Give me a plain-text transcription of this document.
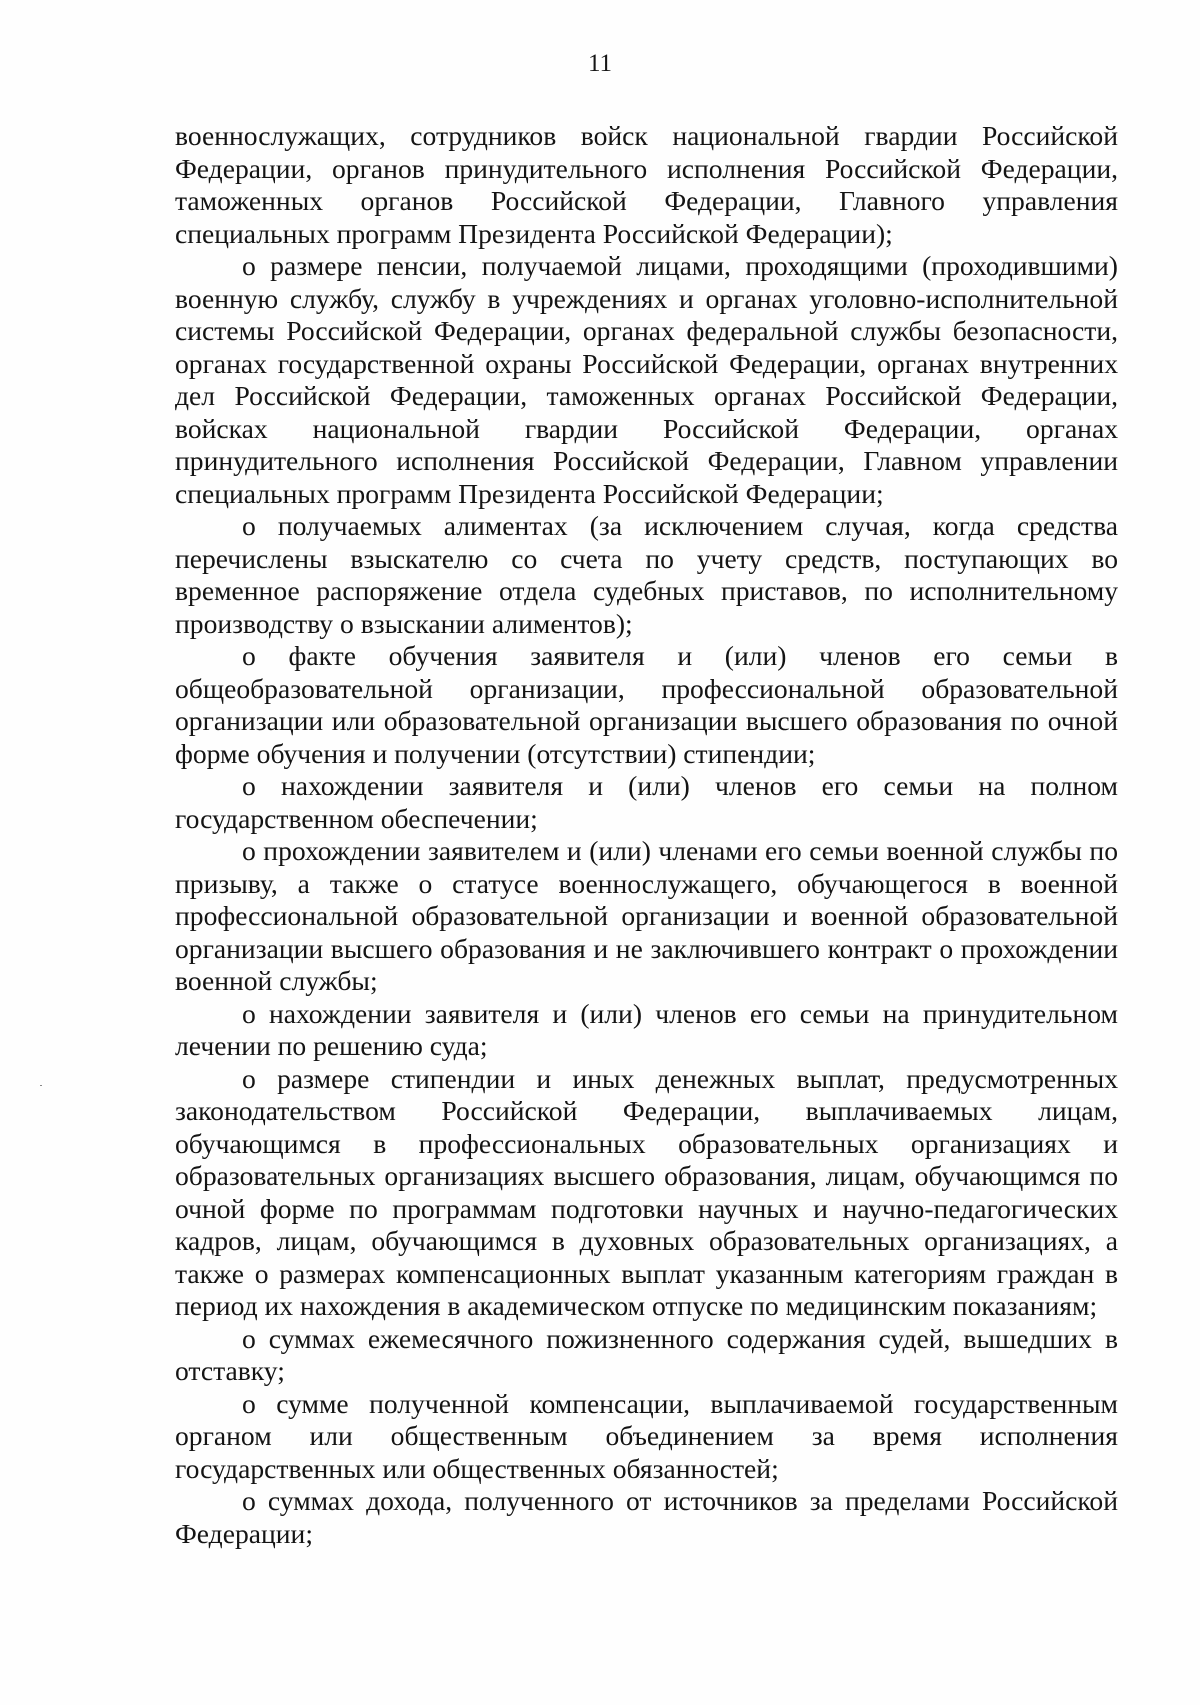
11

военнослужащих, сотрудников войск национальной гвардии Российской Федерации, органов принудительного исполнения Российской Федерации, таможенных органов Российской Федерации, Главного управления специальных программ Президента Российской Федерации);

о размере пенсии, получаемой лицами, проходящими (проходившими) военную службу, службу в учреждениях и органах уголовно-исполнительной системы Российской Федерации, органах федеральной службы безопасности, органах государственной охраны Российской Федерации, органах внутренних дел Российской Федерации, таможенных органах Российской Федерации, войсках национальной гвардии Российской Федерации, органах принудительного исполнения Российской Федерации, Главном управлении специальных программ Президента Российской Федерации;

о получаемых алиментах (за исключением случая, когда средства перечислены взыскателю со счета по учету средств, поступающих во временное распоряжение отдела судебных приставов, по исполнительному производству о взыскании алиментов);

о факте обучения заявителя и (или) членов его семьи в общеобразовательной организации, профессиональной образовательной организации или образовательной организации высшего образования по очной форме обучения и получении (отсутствии) стипендии;

о нахождении заявителя и (или) членов его семьи на полном государственном обеспечении;

о прохождении заявителем и (или) членами его семьи военной службы по призыву, а также о статусе военнослужащего, обучающегося в военной профессиональной образовательной организации и военной образовательной организации высшего образования и не заключившего контракт о прохождении военной службы;

о нахождении заявителя и (или) членов его семьи на принудительном лечении по решению суда;

о размере стипендии и иных денежных выплат, предусмотренных законодательством Российской Федерации, выплачиваемых лицам, обучающимся в профессиональных образовательных организациях и образовательных организациях высшего образования, лицам, обучающимся по очной форме по программам подготовки научных и научно-педагогических кадров, лицам, обучающимся в духовных образовательных организациях, а также о размерах компенсационных выплат указанным категориям граждан в период их нахождения в академическом отпуске по медицинским показаниям;

о суммах ежемесячного пожизненного содержания судей, вышедших в отставку;

о сумме полученной компенсации, выплачиваемой государственным органом или общественным объединением за время исполнения государственных или общественных обязанностей;

о суммах дохода, полученного от источников за пределами Российской Федерации;
